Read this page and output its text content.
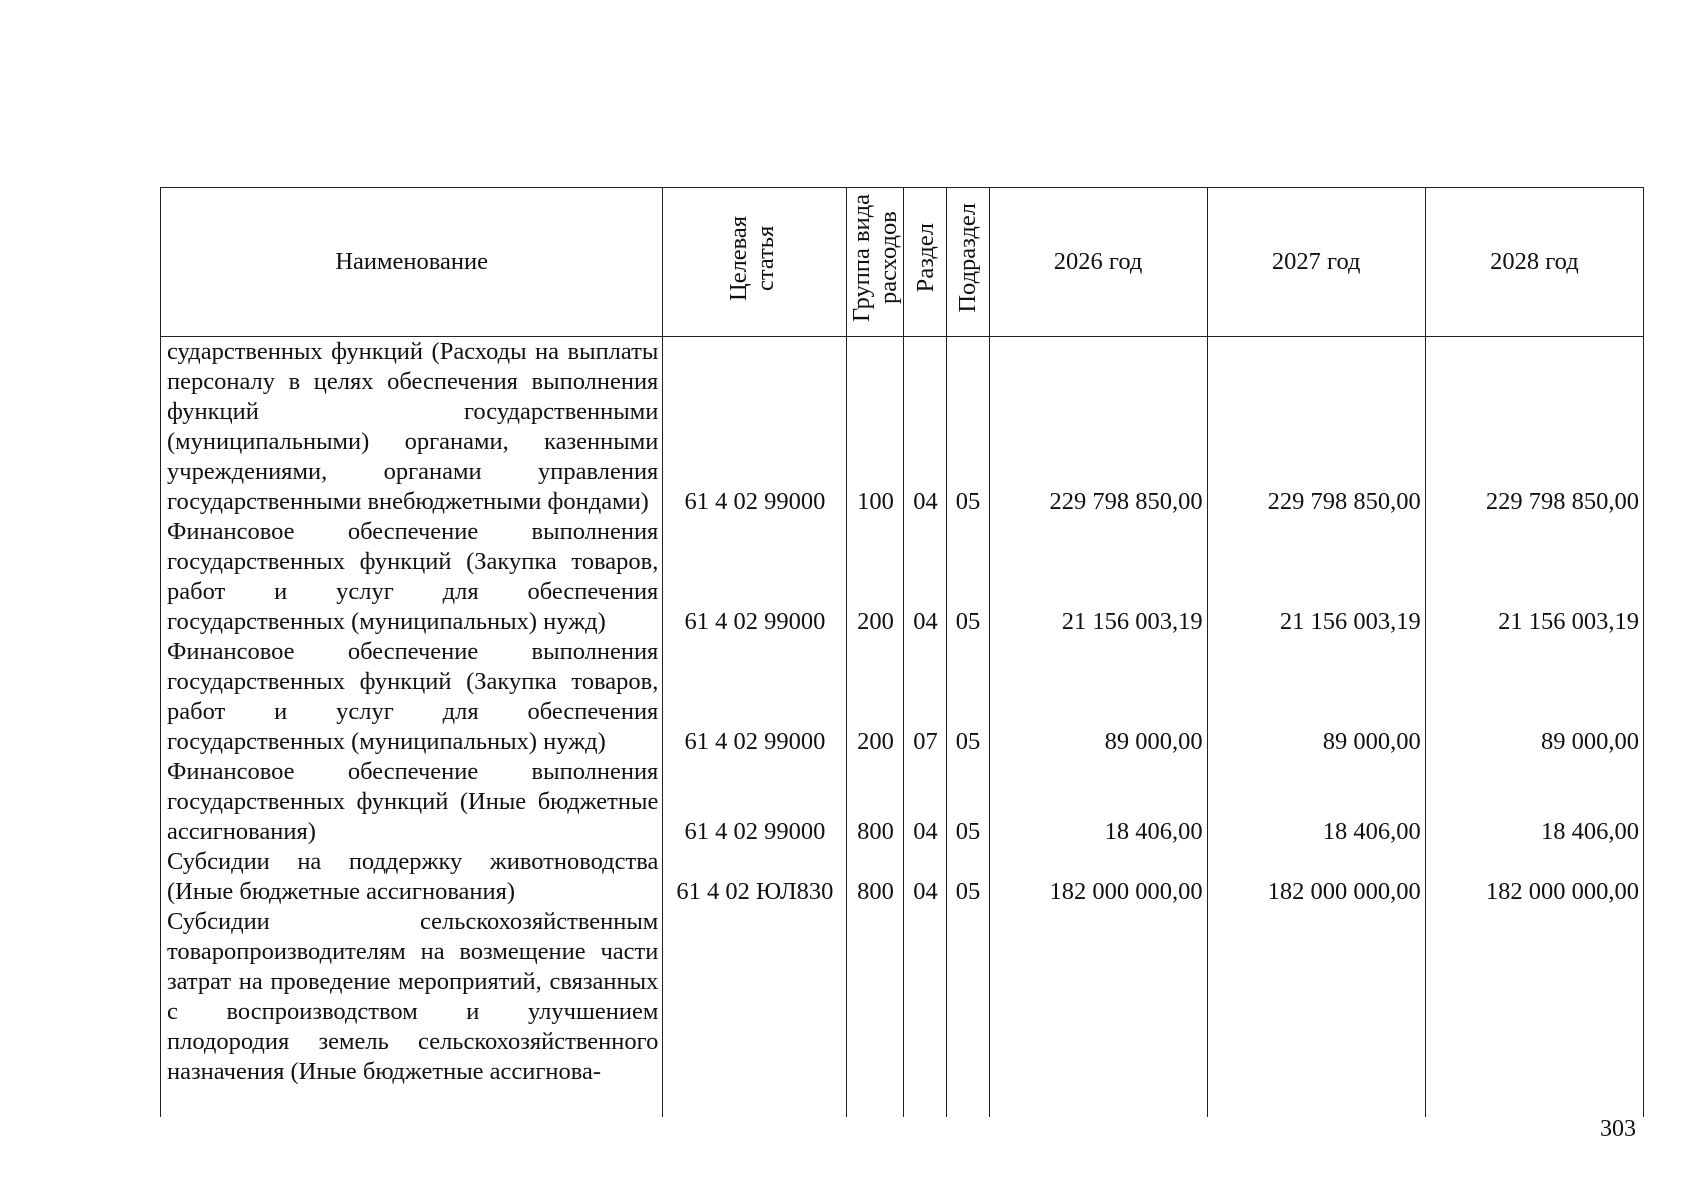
Наименование	Целевая статья	Группа вида расходов	Раздел	Подраздел	2026 год	2027 год	2028 год
сударственных функций (Расходы на выплаты персоналу в целях обеспечения выполнения функций государственными (муниципальными) органами, казенными учреждениями, органами управления государственными внебюджетными фондами)	61 4 02 99000	100	04	05	229 798 850,00	229 798 850,00	229 798 850,00
Финансовое обеспечение выполнения государственных функций (Закупка товаров, работ и услуг для обеспечения государственных (муниципальных) нужд)	61 4 02 99000	200	04	05	21 156 003,19	21 156 003,19	21 156 003,19
Финансовое обеспечение выполнения государственных функций (Закупка товаров, работ и услуг для обеспечения государственных (муниципальных) нужд)	61 4 02 99000	200	07	05	89 000,00	89 000,00	89 000,00
Финансовое обеспечение выполнения государственных функций (Иные бюджетные ассигнования)	61 4 02 99000	800	04	05	18 406,00	18 406,00	18 406,00
Субсидии на поддержку животноводства (Иные бюджетные ассигнования)	61 4 02 ЮЛ830	800	04	05	182 000 000,00	182 000 000,00	182 000 000,00
Субсидии сельскохозяйственным товаропроизводителям на возмещение части затрат на проведение мероприятий, связанных с воспроизводством и улучшением плодородия земель сельскохозяйственного назначения (Иные бюджетные ассигнова-							
303
